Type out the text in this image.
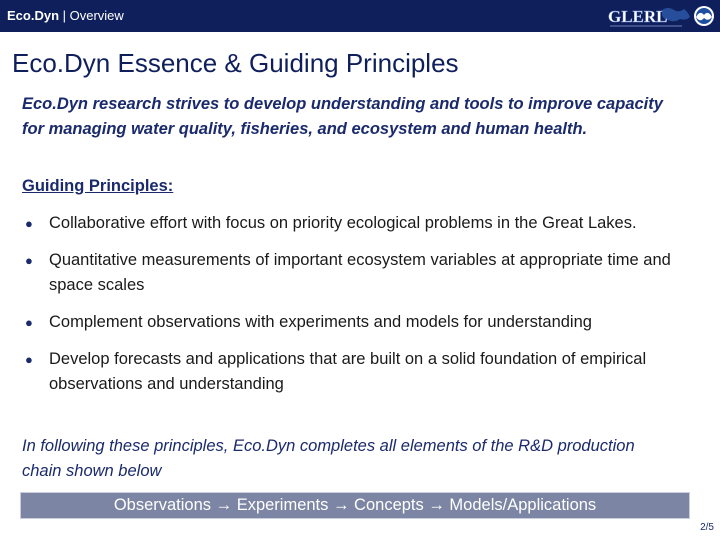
Eco.Dyn | Overview	GLERL
Eco.Dyn Essence & Guiding Principles
Eco.Dyn research strives to develop understanding and tools to improve capacity for managing water quality, fisheries, and ecosystem and human health.
Guiding Principles:
● Collaborative effort with focus on priority ecological problems in the Great Lakes.
● Quantitative measurements of important ecosystem variables at appropriate time and space scales
● Complement observations with experiments and models for understanding
● Develop forecasts and applications that are built on a solid foundation of empirical observations and understanding
In following these principles, Eco.Dyn completes all elements of the R&D production chain shown below
Observations → Experiments → Concepts → Models/Applications
2/5
